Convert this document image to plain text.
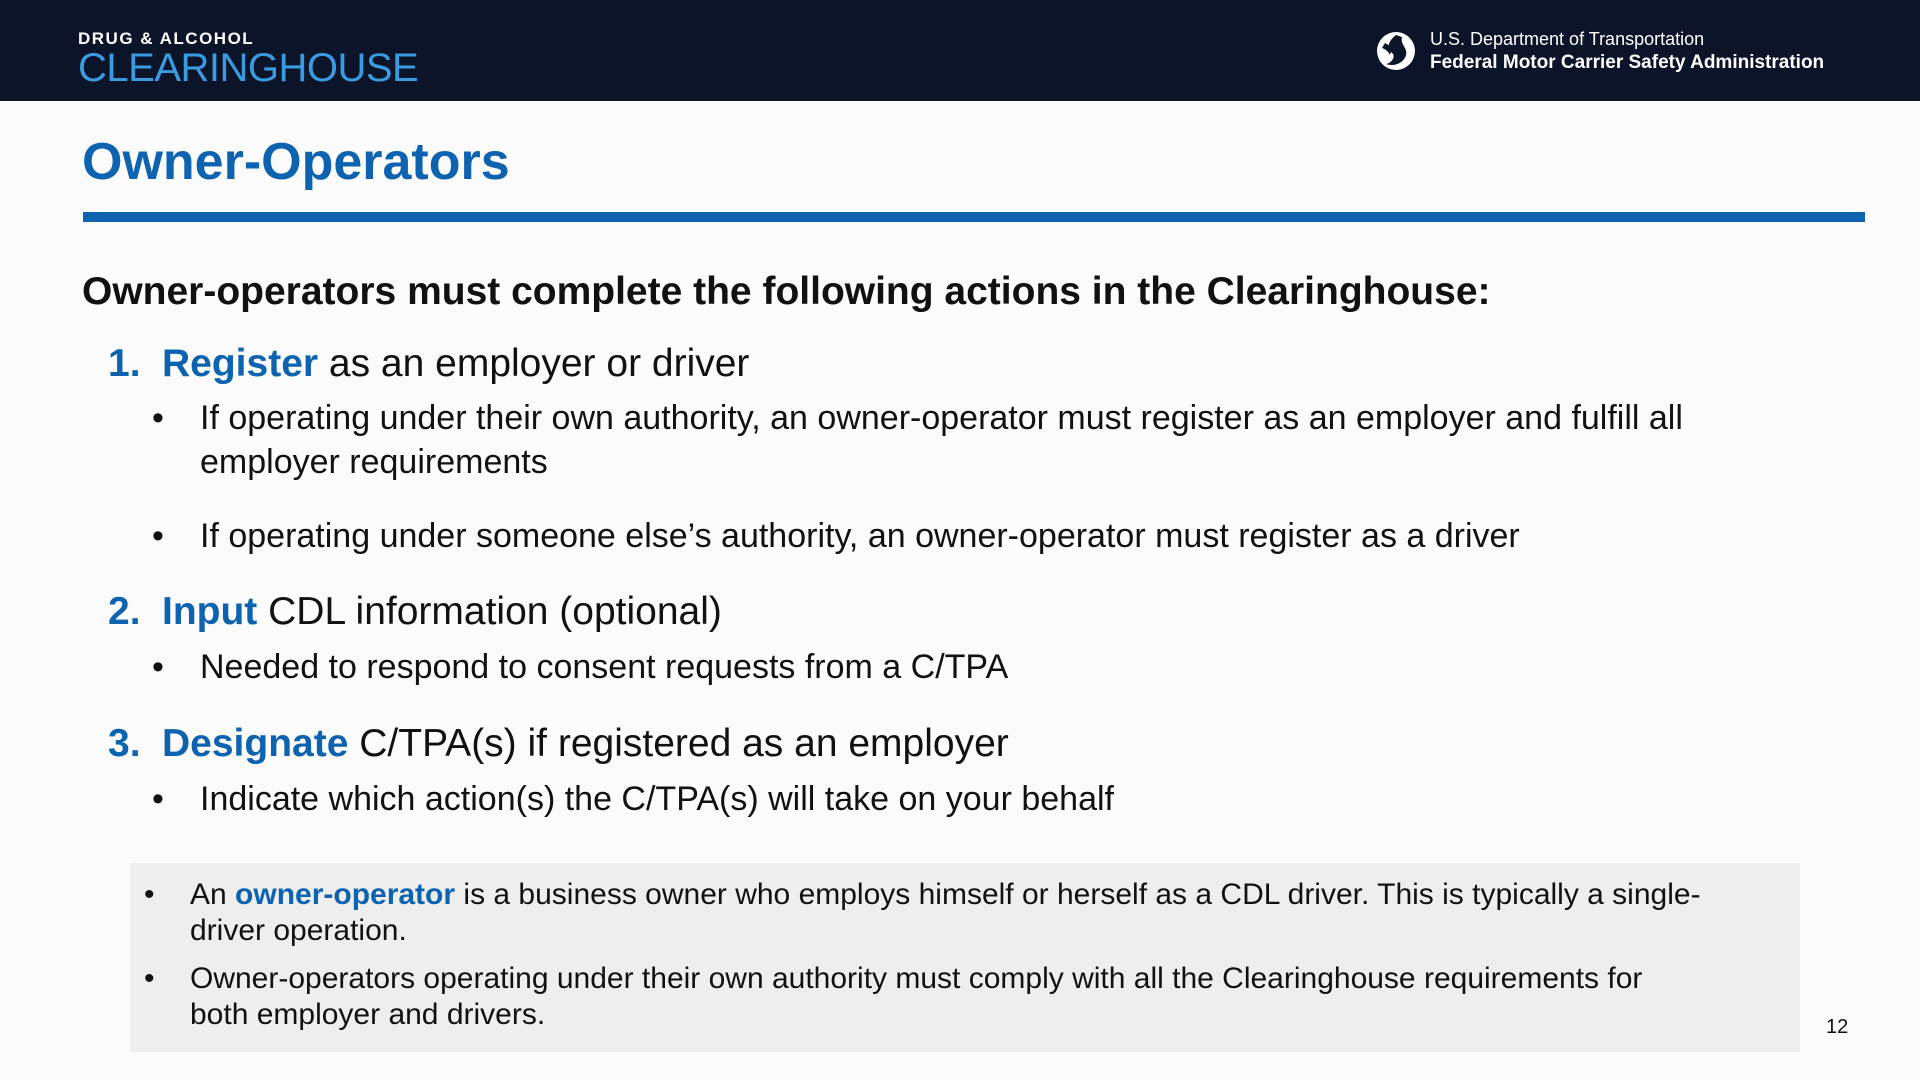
DRUG & ALCOHOL
CLEARINGHOUSE
U.S. Department of Transportation
Federal Motor Carrier Safety Administration
Owner-Operators
Owner-operators must complete the following actions in the Clearinghouse:
1. Register as an employer or driver
• If operating under their own authority, an owner-operator must register as an employer and fulfill all employer requirements
• If operating under someone else’s authority, an owner-operator must register as a driver
2. Input CDL information (optional)
• Needed to respond to consent requests from a C/TPA
3. Designate C/TPA(s) if registered as an employer
• Indicate which action(s) the C/TPA(s) will take on your behalf
• An owner-operator is a business owner who employs himself or herself as a CDL driver. This is typically a single-driver operation.
• Owner-operators operating under their own authority must comply with all the Clearinghouse requirements for both employer and drivers.	12
